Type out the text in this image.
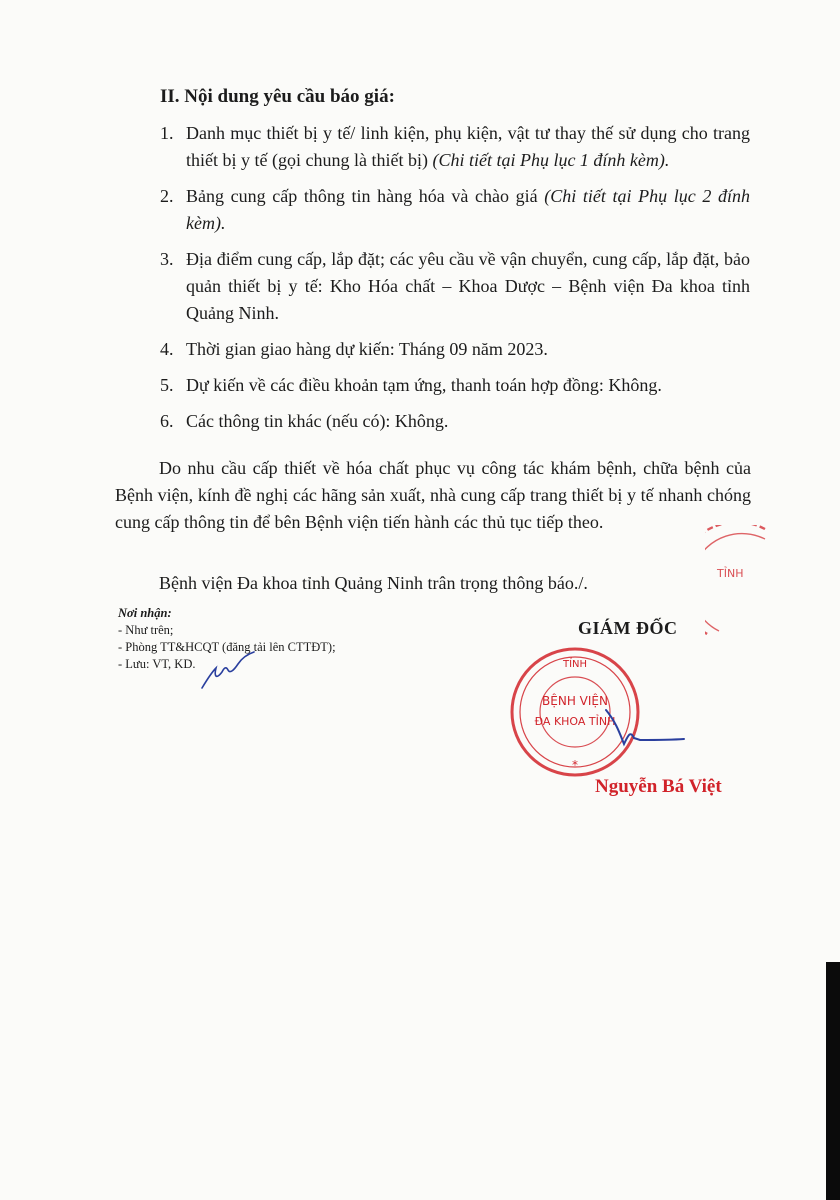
II. Nội dung yêu cầu báo giá:
1. Danh mục thiết bị y tế/ linh kiện, phụ kiện, vật tư thay thế sử dụng cho trang thiết bị y tế (gọi chung là thiết bị) (Chi tiết tại Phụ lục 1 đính kèm).
2. Bảng cung cấp thông tin hàng hóa và chào giá (Chi tiết tại Phụ lục 2 đính kèm).
3. Địa điểm cung cấp, lắp đặt; các yêu cầu về vận chuyển, cung cấp, lắp đặt, bảo quản thiết bị y tế: Kho Hóa chất – Khoa Dược – Bệnh viện Đa khoa tỉnh Quảng Ninh.
4. Thời gian giao hàng dự kiến: Tháng 09 năm 2023.
5. Dự kiến về các điều khoản tạm ứng, thanh toán hợp đồng: Không.
6. Các thông tin khác (nếu có): Không.

Do nhu cầu cấp thiết về hóa chất phục vụ công tác khám bệnh, chữa bệnh của Bệnh viện, kính đề nghị các hãng sản xuất, nhà cung cấp trang thiết bị y tế nhanh chóng cung cấp thông tin để bên Bệnh viện tiến hành các thủ tục tiếp theo.

Bệnh viện Đa khoa tỉnh Quảng Ninh trân trọng thông báo./.
Nơi nhận:
- Như trên;
- Phòng TT&HCQT (đăng tải lên CTTĐT);
- Lưu: VT, KD.
GIÁM ĐỐC
TỈNH
TỈNH
BỆNH VIỆN
ĐA KHOA TỈNH
*
Nguyễn Bá Việt
